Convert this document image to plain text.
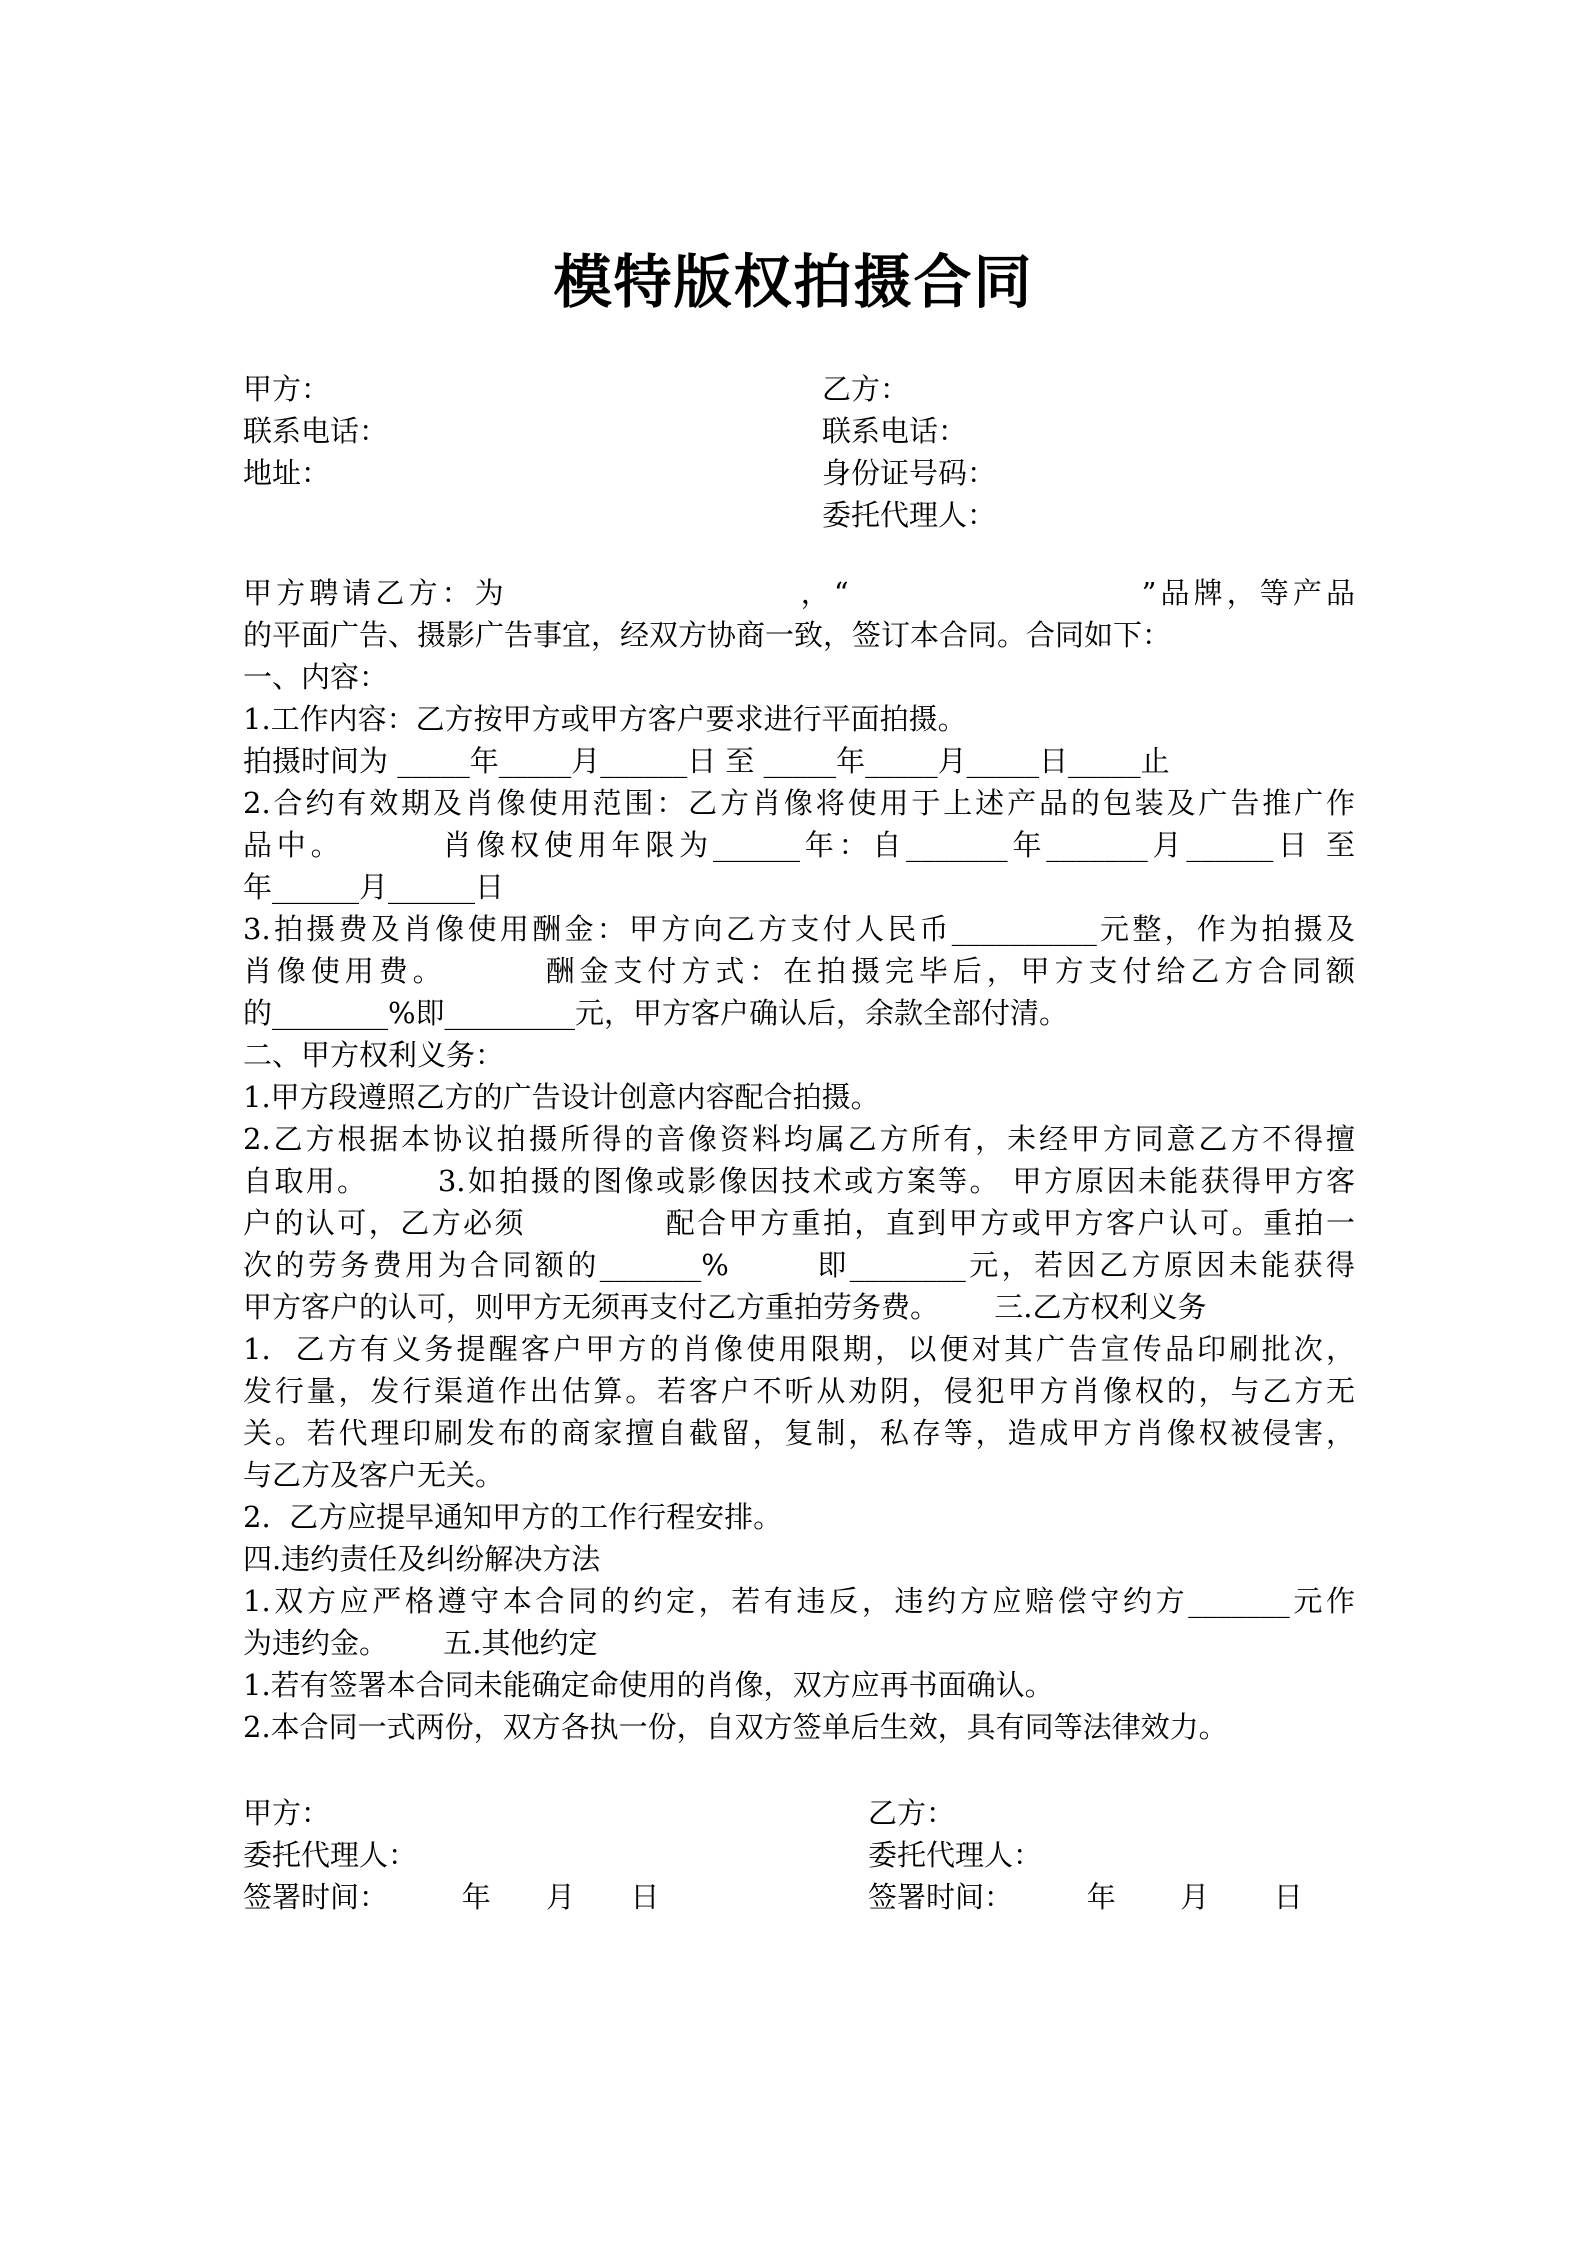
模特版权拍摄合同
甲方：
联系电话：
地址：
乙方：
联系电话：
身份证号码：
委托代理人：
甲方聘请乙方：为                      ，“                      ”品牌，等产品
的平面广告、摄影广告事宜，经双方协商一致，签订本合同。合同如下：
一、内容：
1.工作内容：乙方按甲方或甲方客户要求进行平面拍摄。
拍摄时间为 _____年_____月______日 至 _____年_____月_____日_____止
2.合约有效期及肖像使用范围：乙方肖像将使用于上述产品的包装及广告推广作
品中。       肖像权使用年限为______年：自_______年_______月______日 至
年______月______日
3.拍摄费及肖像使用酬金：甲方向乙方支付人民币__________元整，作为拍摄及
肖像使用费。       酬金支付方式：在拍摄完毕后，甲方支付给乙方合同额
的________%即_________元，甲方客户确认后，余款全部付清。
二、甲方权利义务：
1.甲方段遵照乙方的广告设计创意内容配合拍摄。
2.乙方根据本协议拍摄所得的音像资料均属乙方所有，未经甲方同意乙方不得擅
自取用。      3.如拍摄的图像或影像因技术或方案等。 甲方原因未能获得甲方客
户的认可，乙方必须            配合甲方重拍，直到甲方或甲方客户认可。重拍一
次的劳务费用为合同额的_______%       即________元，若因乙方原因未能获得
甲方客户的认可，则甲方无须再支付乙方重拍劳务费。      三.乙方权利义务
1.  乙方有义务提醒客户甲方的肖像使用限期，以便对其广告宣传品印刷批次，
发行量，发行渠道作出估算。若客户不听从劝阴，侵犯甲方肖像权的，与乙方无
关。若代理印刷发布的商家擅自截留，复制，私存等，造成甲方肖像权被侵害，
与乙方及客户无关。
2.  乙方应提早通知甲方的工作行程安排。
四.违约责任及纠纷解决方法
1.双方应严格遵守本合同的约定，若有违反，违约方应赔偿守约方_______元作
为违约金。      五.其他约定
1.若有签署本合同未能确定命使用的肖像，双方应再书面确认。
2.本合同一式两份，双方各执一份，自双方签单后生效，具有同等法律效力。
甲方：
委托代理人：
签署时间：        年      月      日
乙方：
委托代理人：
签署时间：        年       月       日
